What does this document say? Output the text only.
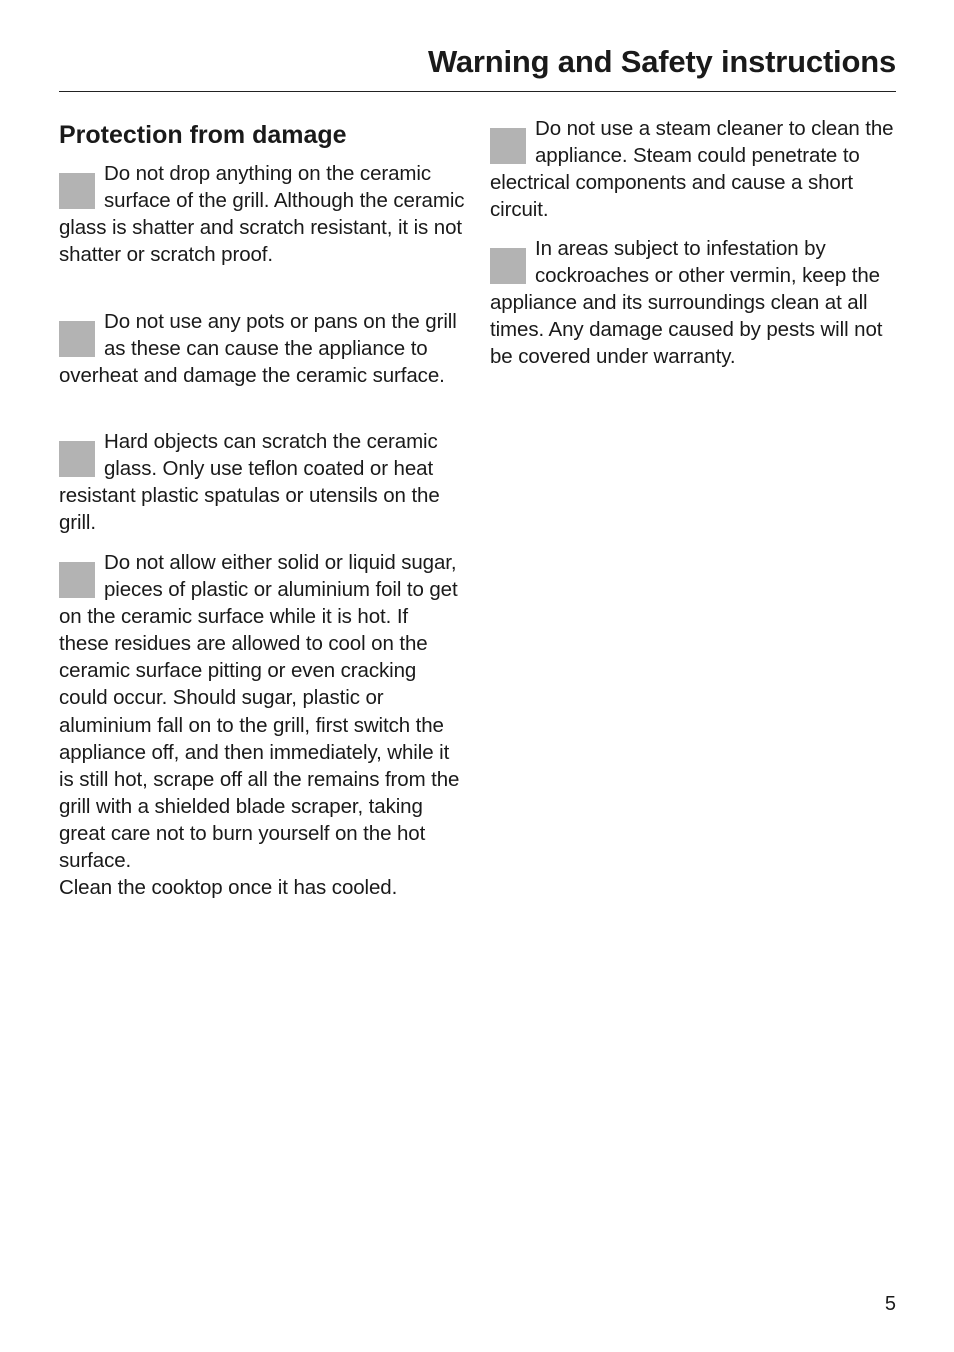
Warning and Safety instructions
Protection from damage
Do not drop anything on the ceramic surface of the grill. Although the ceramic glass is shatter and scratch resistant, it is not shatter or scratch proof.
Do not use any pots or pans on the grill as these can cause the appliance to overheat and damage the ceramic surface.
Hard objects can scratch the ceramic glass. Only use teflon coated or heat resistant plastic spatulas or utensils on the grill.
Do not allow either solid or liquid sugar, pieces of plastic or aluminium foil to get on the ceramic surface while it is hot. If these residues are allowed to cool on the ceramic surface pitting or even cracking could occur. Should sugar, plastic or aluminium fall on to the grill, first switch the appliance off, and then immediately, while it is still hot, scrape off all the remains from the grill with a shielded blade scraper, taking great care not to burn yourself on the hot surface.

Clean the cooktop once it has cooled.

Do not use a steam cleaner to clean the appliance. Steam could penetrate to electrical components and cause a short circuit.
In areas subject to infestation by cockroaches or other vermin, keep the appliance and its surroundings clean at all times. Any damage caused by pests will not be covered under warranty.

5
